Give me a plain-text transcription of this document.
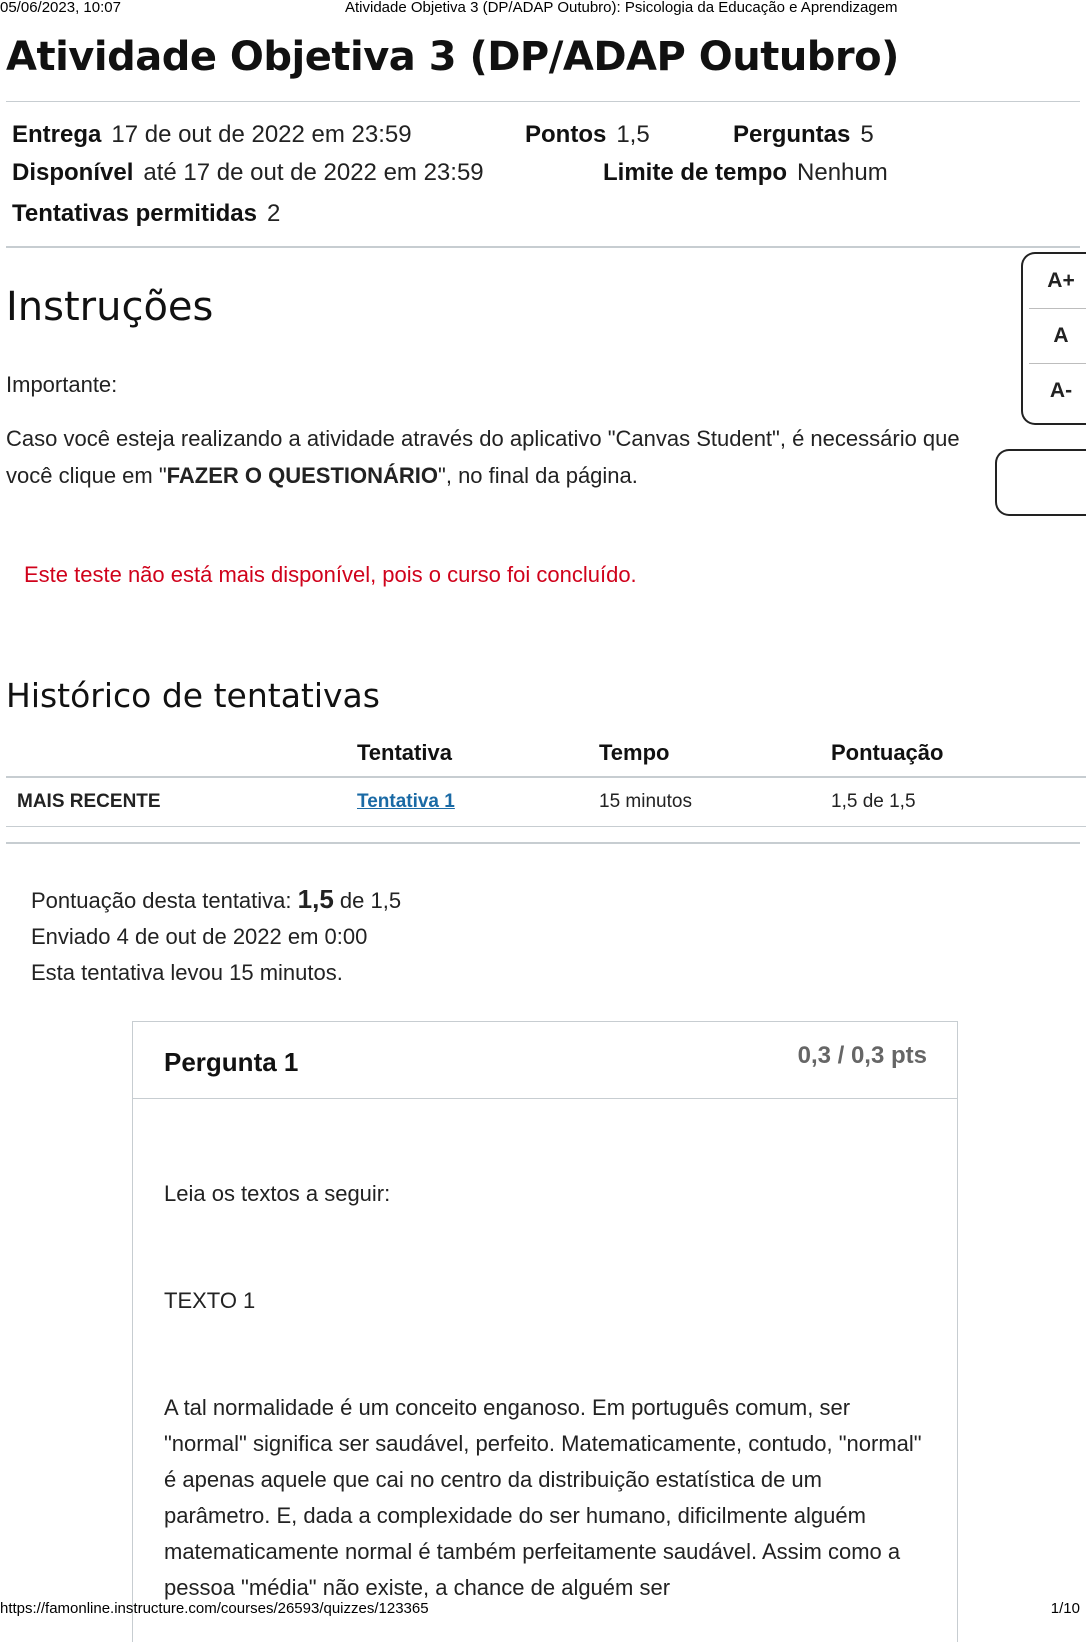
05/06/2023, 10:07	Atividade Objetiva 3 (DP/ADAP Outubro): Psicologia da Educação e Aprendizagem
Atividade Objetiva 3 (DP/ADAP Outubro)
Entrega 17 de out de 2022 em 23:59	Pontos 1,5	Perguntas 5
Disponível até 17 de out de 2022 em 23:59	Limite de tempo Nenhum
Tentativas permitidas 2
A+
A
A-
Instruções
Importante:
Caso você esteja realizando a atividade através do aplicativo "Canvas Student", é necessário que
você clique em "FAZER O QUESTIONÁRIO", no final da página.
Este teste não está mais disponível, pois o curso foi concluído.
Histórico de tentativas
	Tentativa	Tempo	Pontuação
MAIS RECENTE	Tentativa 1	15 minutos	1,5 de 1,5
Pontuação desta tentativa: 1,5 de 1,5
Enviado 4 de out de 2022 em 0:00
Esta tentativa levou 15 minutos.
Pergunta 1	0,3 / 0,3 pts

Leia os textos a seguir:

TEXTO 1

A tal normalidade é um conceito enganoso. Em português comum, ser "normal" significa ser saudável, perfeito. Matematicamente, contudo, "normal" é apenas aquele que cai no centro da distribuição estatística de um parâmetro. E, dada a complexidade do ser humano, dificilmente alguém matematicamente normal é também perfeitamente saudável. Assim como a pessoa "média" não existe, a chance de alguém ser

https://famonline.instructure.com/courses/26593/quizzes/123365	1/10
